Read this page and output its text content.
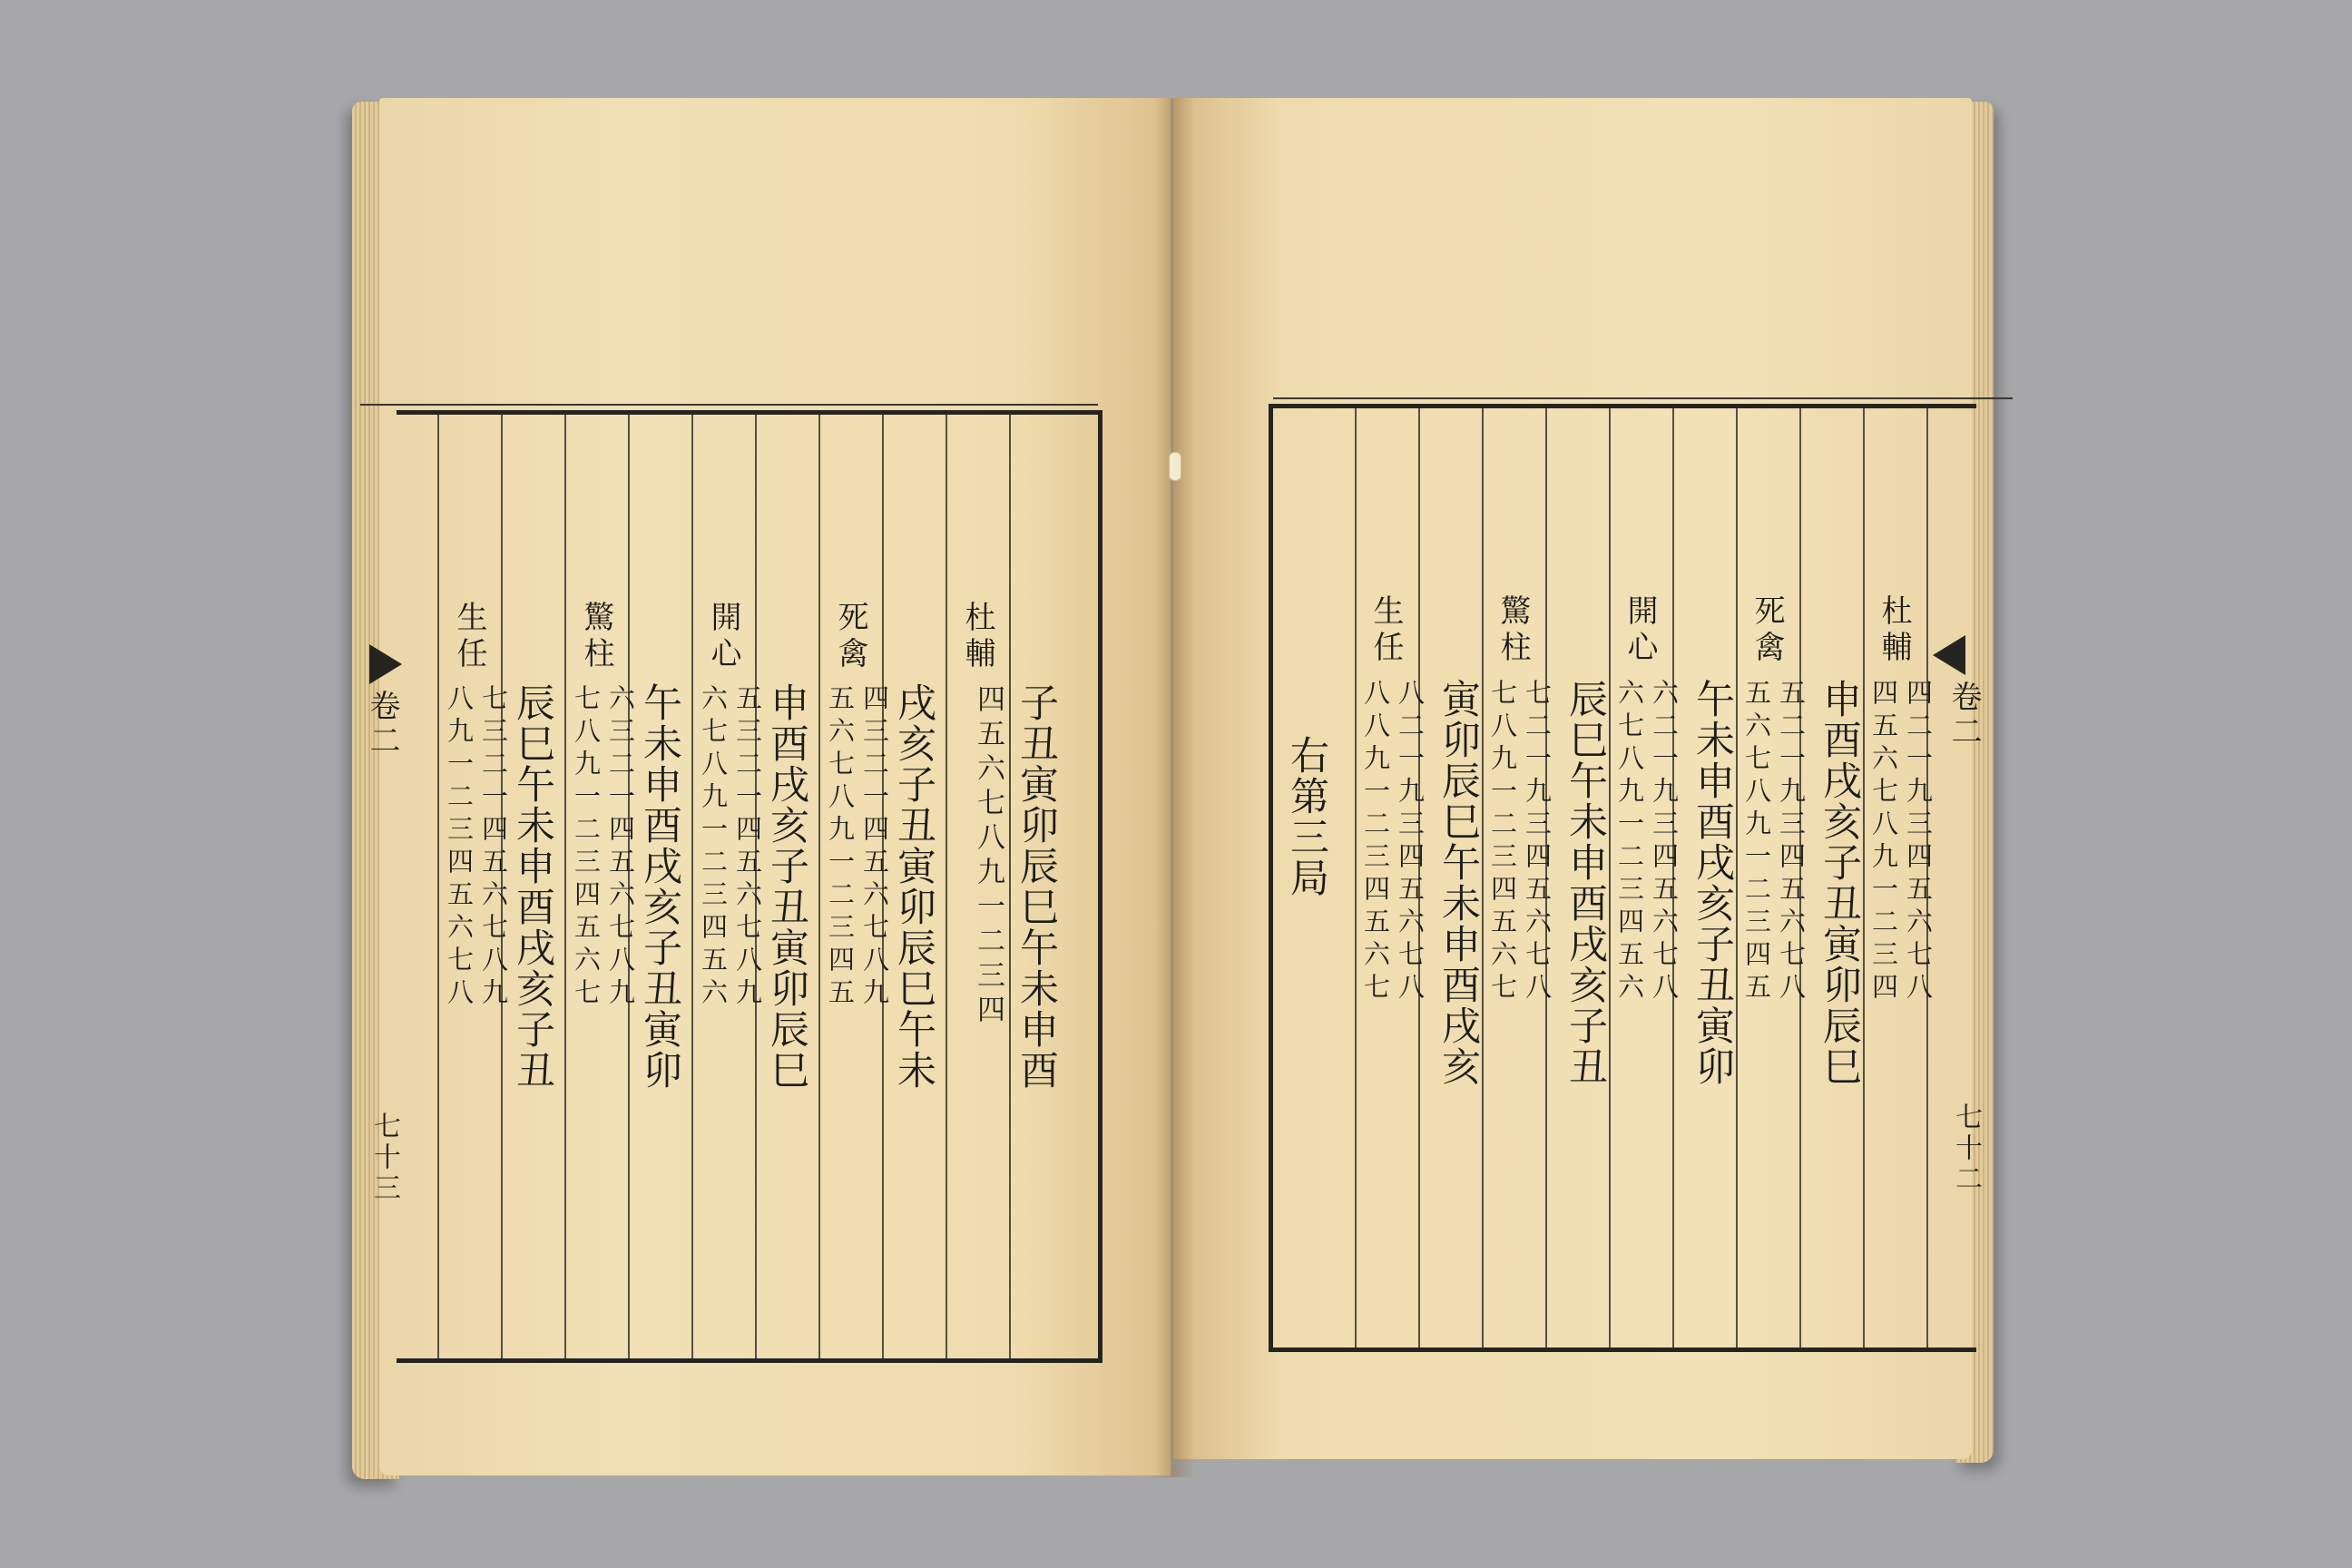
卷二
七十三
杜輔
子丑寅卯辰巳午未申酉
四五六七八九一二三四
死禽
戌亥子丑寅卯辰巳午未
四三二一四五六七八九
五六七八九一二三四五
開心
申酉戌亥子丑寅卯辰巳
五三二一四五六七八九
六七八九一二三四五六
驚柱
午未申酉戌亥子丑寅卯
六三二一四五六七八九
七八九一二三四五六七
生任
辰巳午未申酉戌亥子丑
七三二一四五六七八九
八九一二三四五六七八	卷二
七十二
杜輔
申酉戌亥子丑寅卯辰巳 四二一九三四五六七八
四五六七八九一二三四
死禽
午未申酉戌亥子丑寅卯 五二一九三四五六七八
五六七八九一二三四五
開心
辰巳午未申酉戌亥子丑 六二一九三四五六七八
六七八九一二三四五六
驚柱
寅卯辰巳午未申酉戌亥 七二一九三四五六七八
七八九一二三四五六七
生任
八二一九三四五六七八
八八九一二三四五六七
右第三局
